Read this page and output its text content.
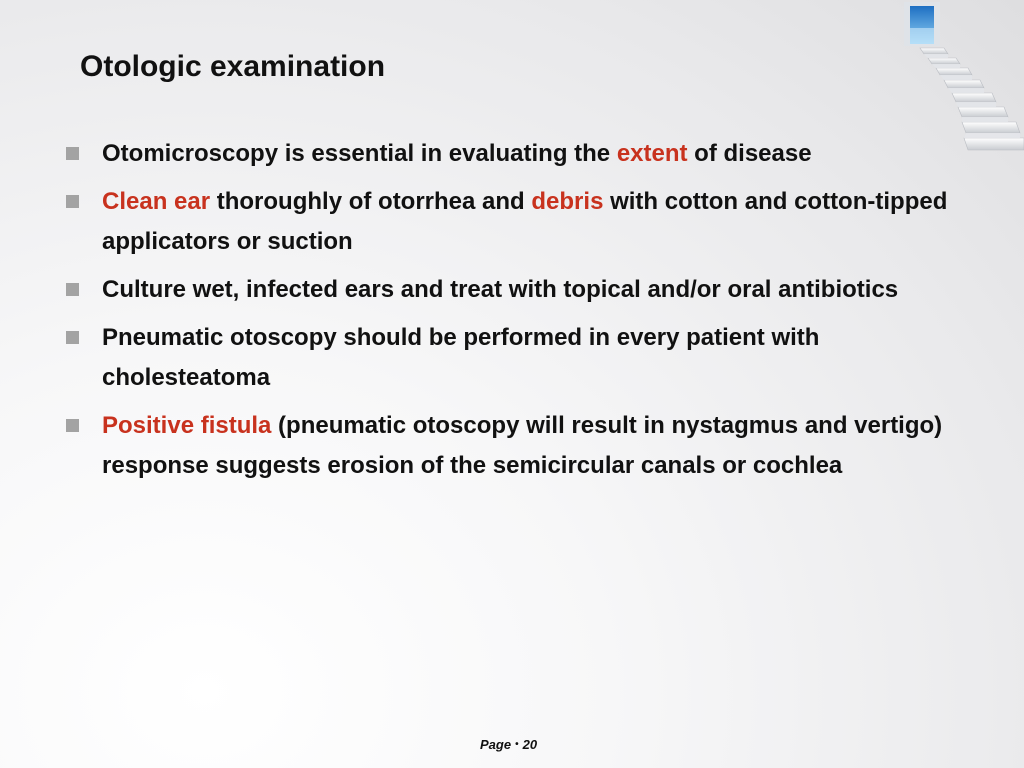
Otologic examination
Otomicroscopy is essential in evaluating the extent of disease
Clean ear thoroughly of otorrhea and debris with cotton and cotton-tipped applicators or suction
Culture wet, infected ears and treat with topical and/or oral antibiotics
Pneumatic otoscopy should be performed in every patient with cholesteatoma
Positive fistula (pneumatic otoscopy will result in nystagmus and vertigo) response suggests erosion of the semicircular canals or cochlea
Page • 20
